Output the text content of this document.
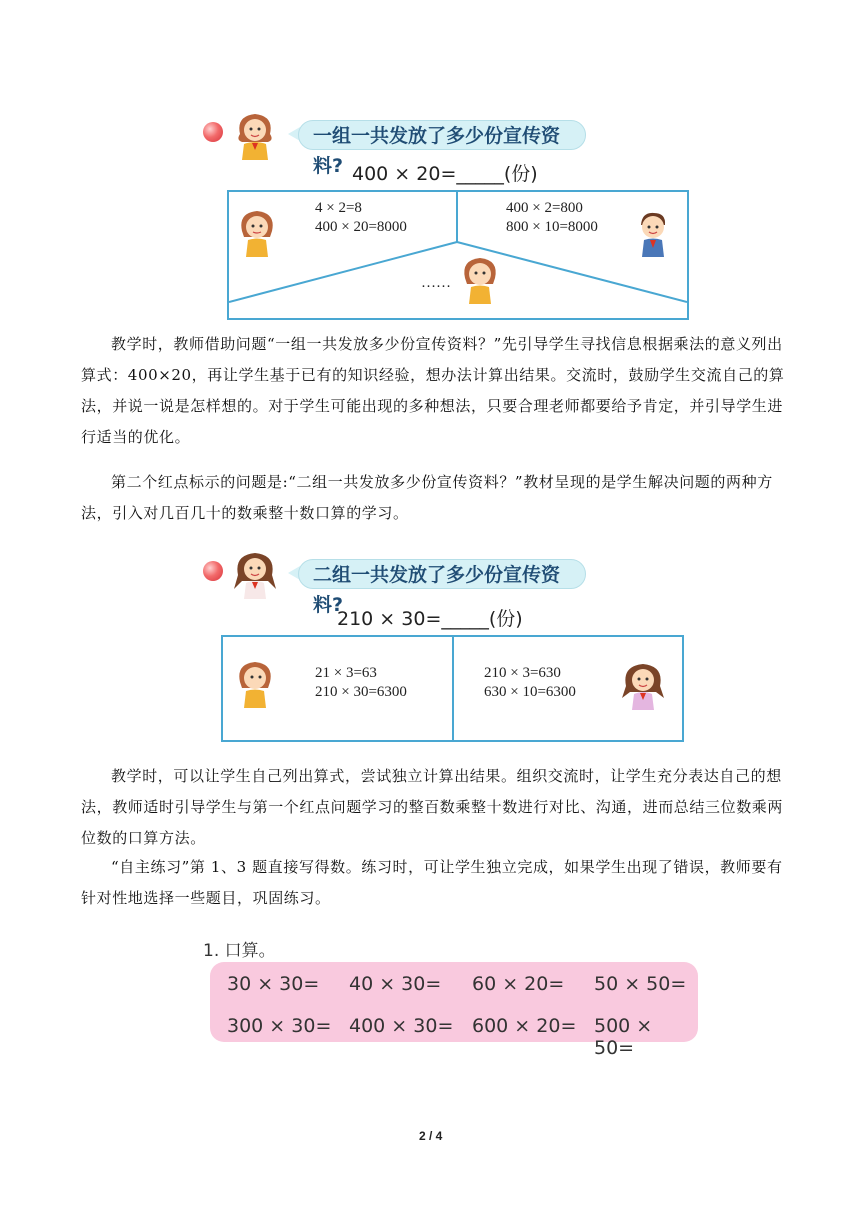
一组一共发放了多少份宣传资料? 400 × 20=_____(份)
4 × 2=8
400 × 20=8000
400 × 2=800
800 × 10=8000
……
教学时，教师借助问题“一组一共发放多少份宣传资料？”先引导学生寻找信息根据乘法的意义列出算式：400×20，再让学生基于已有的知识经验，想办法计算出结果。交流时，鼓励学生交流自己的算法，并说一说是怎样想的。对于学生可能出现的多种想法，只要合理老师都要给予肯定，并引导学生进行适当的优化。
第二个红点标示的问题是:“二组一共发放多少份宣传资料？”教材呈现的是学生解决问题的两种方法，引入对几百几十的数乘整十数口算的学习。
二组一共发放了多少份宣传资料?
210 × 30=_____(份)
21 × 3=63
210 × 30=6300
210 × 3=630
630 × 10=6300
教学时，可以让学生自己列出算式，尝试独立计算出结果。组织交流时，让学生充分表达自己的想法，教师适时引导学生与第一个红点问题学习的整百数乘整十数进行对比、沟通，进而总结三位数乘两位数的口算方法。
“自主练习”第 1、3 题直接写得数。练习时，可让学生独立完成，如果学生出现了错误，教师要有针对性地选择一些题目，巩固练习。
1. 口算。
30 × 30= 40 × 30= 60 × 20= 50 × 50=
300 × 30= 400 × 30= 600 × 20= 500 × 50=
2 / 4
